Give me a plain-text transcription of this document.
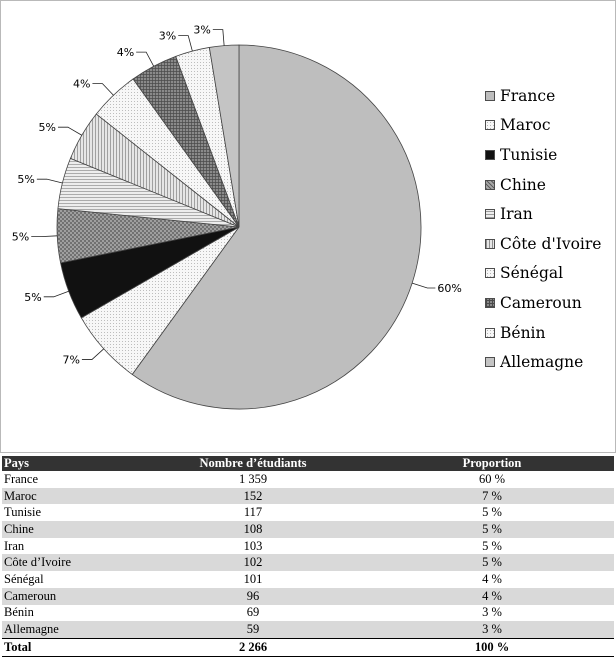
60%
7%
5%
5%
5%
5%
4%
4%
3% 3%
France
Maroc
Tunisie
Chine
Iran
Côte d'Ivoire
Sénégal
Cameroun
Bénin
Allemagne
Pays	Nombre d’étudiants	Proportion
France	1 359	60 %
Maroc	152	7 %
Tunisie	117	5 %
Chine	108	5 %
Iran	103	5 %
Côte d’Ivoire	102	5 %
Sénégal	101	4 %
Cameroun	96	4 %
Bénin	69	3 %
Allemagne	59	3 %
Total	2 266	100 %
